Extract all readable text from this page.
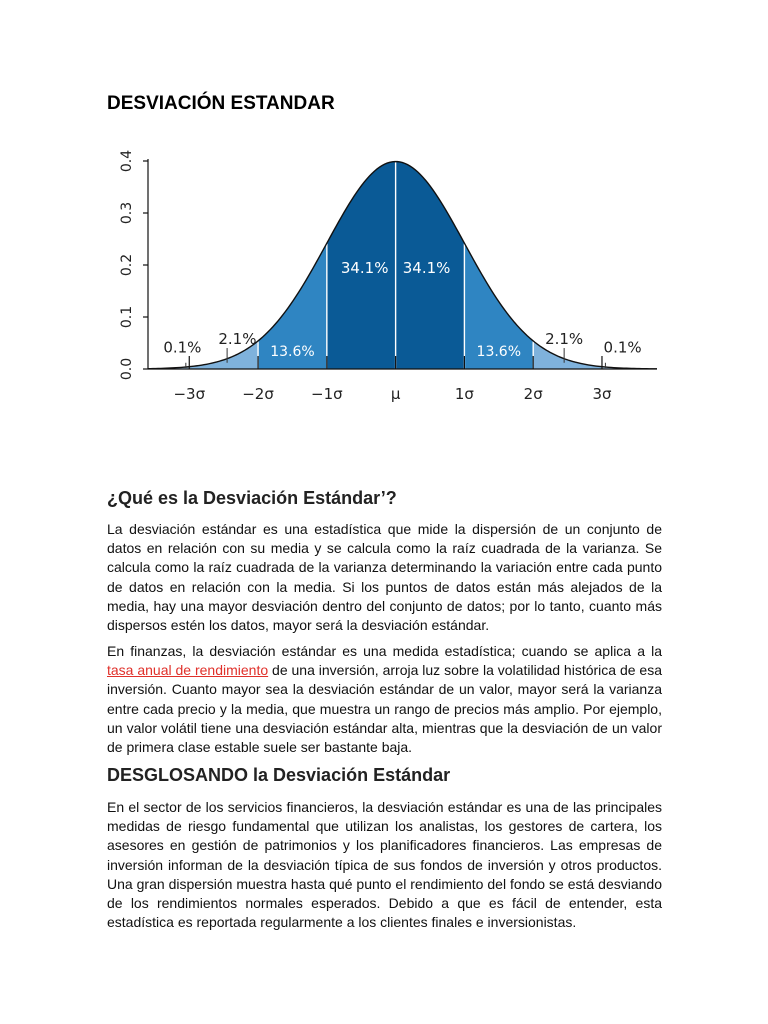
DESVIACIÓN ESTANDAR
0.0
0.1
0.2
0.3
0.4
−3σ −2σ −1σ	μ	1σ	2σ	3σ
2.1%
13.6%
34.1% 34.1%
13.6%
2.1%
0.1%	0.1%
¿Qué es la Desviación Estándar’?

La desviación estándar es una estadística que mide la dispersión de un conjunto de datos en relación con su media y se calcula como la raíz cuadrada de la varianza. Se calcula como la raíz cuadrada de la varianza determinando la variación entre cada punto de datos en relación con la media. Si los puntos de datos están más alejados de la media, hay una mayor desviación dentro del conjunto de datos; por lo tanto, cuanto más dispersos estén los datos, mayor será la desviación estándar.

En finanzas, la desviación estándar es una medida estadística; cuando se aplica a la tasa anual de rendimiento de una inversión, arroja luz sobre la volatilidad histórica de esa inversión. Cuanto mayor sea la desviación estándar de un valor, mayor será la varianza entre cada precio y la media, que muestra un rango de precios más amplio. Por ejemplo, un valor volátil tiene una desviación estándar alta, mientras que la desviación de un valor de primera clase estable suele ser bastante baja.

DESGLOSANDO la Desviación Estándar

En el sector de los servicios financieros, la desviación estándar es una de las principales medidas de riesgo fundamental que utilizan los analistas, los gestores de cartera, los asesores en gestión de patrimonios y los planificadores financieros. Las empresas de inversión informan de la desviación típica de sus fondos de inversión y otros productos. Una gran dispersión muestra hasta qué punto el rendimiento del fondo se está desviando de los rendimientos normales esperados. Debido a que es fácil de entender, esta estadística es reportada regularmente a los clientes finales e inversionistas.
